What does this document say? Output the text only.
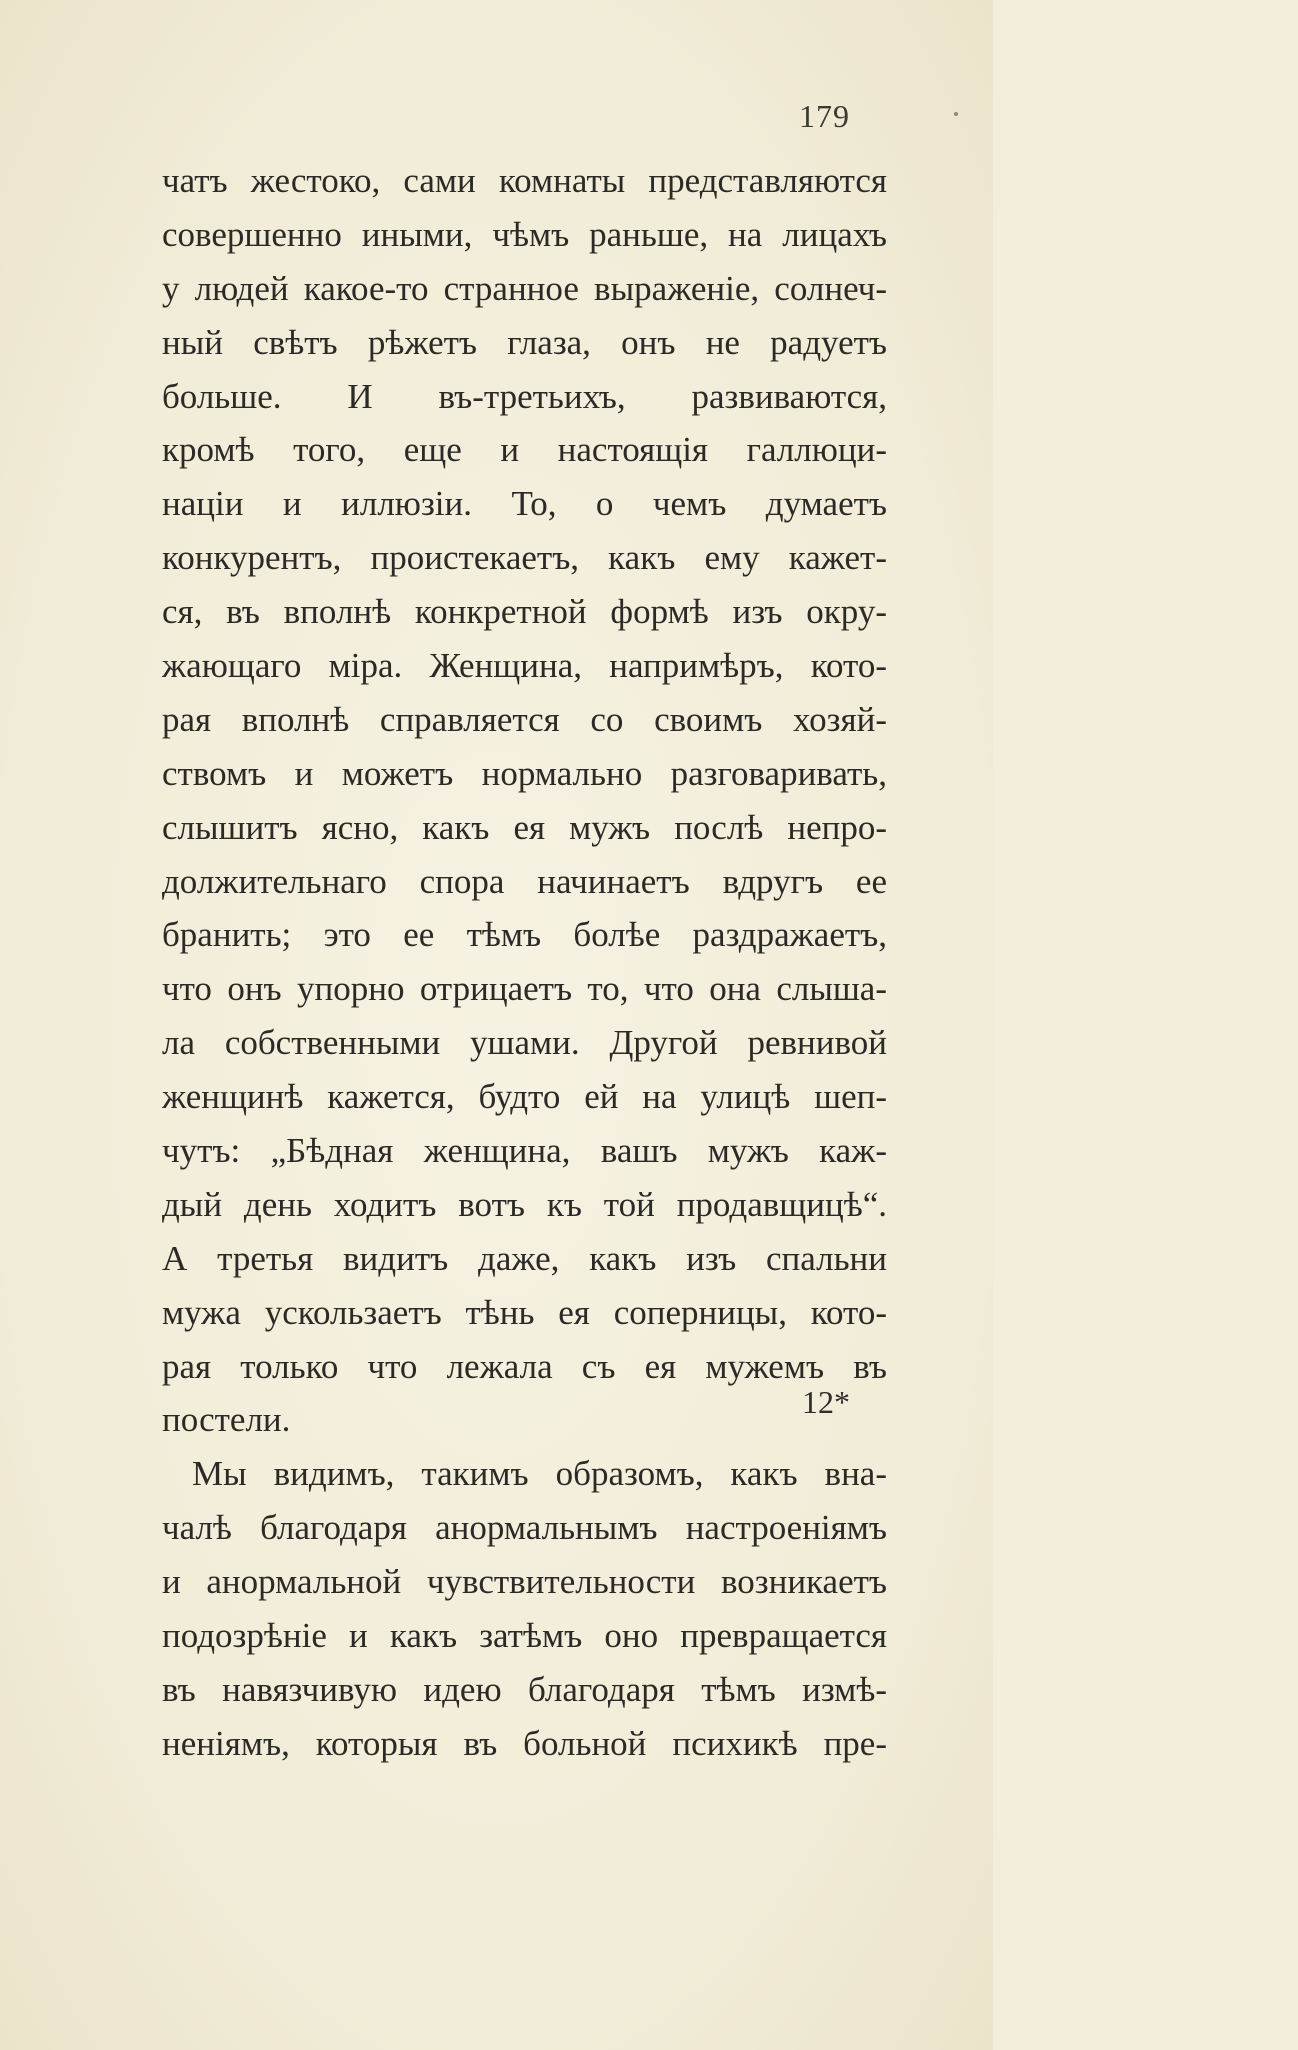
179
чатъ жестоко, сами комнаты представляются
совершенно иными, чѣмъ раньше, на лицахъ
у людей какое-то странное выраженіе, солнеч-
ный свѣтъ рѣжетъ глаза, онъ не радуетъ
больше. И въ-третьихъ, развиваются,
кромѣ того, еще и настоящія галлюци-
націи и иллюзіи. То, о чемъ думаетъ
конкурентъ, проистекаетъ, какъ ему кажет-
ся, въ вполнѣ конкретной формѣ изъ окру-
жающаго міра. Женщина, напримѣръ, кото-
рая вполнѣ справляется со своимъ хозяй-
ствомъ и можетъ нормально разговаривать,
слышитъ ясно, какъ ея мужъ послѣ непро-
должительнаго спора начинаетъ вдругъ ее
бранить; это ее тѣмъ болѣе раздражаетъ,
что онъ упорно отрицаетъ то, что она слыша-
ла собственными ушами. Другой ревнивой
женщинѣ кажется, будто ей на улицѣ шеп-
чутъ: „Бѣдная женщина, вашъ мужъ каж-
дый день ходитъ вотъ къ той продавщицѣ“.
А третья видитъ даже, какъ изъ спальни
мужа ускользаетъ тѣнь ея соперницы, кото-
рая только что лежала съ ея мужемъ въ
постели.
Мы видимъ, такимъ образомъ, какъ вна-
чалѣ благодаря анормальнымъ настроеніямъ
и анормальной чувствительности возникаетъ
подозрѣніе и какъ затѣмъ оно превращается
въ навязчивую идею благодаря тѣмъ измѣ-
неніямъ, которыя въ больной психикѣ пре-
12*
